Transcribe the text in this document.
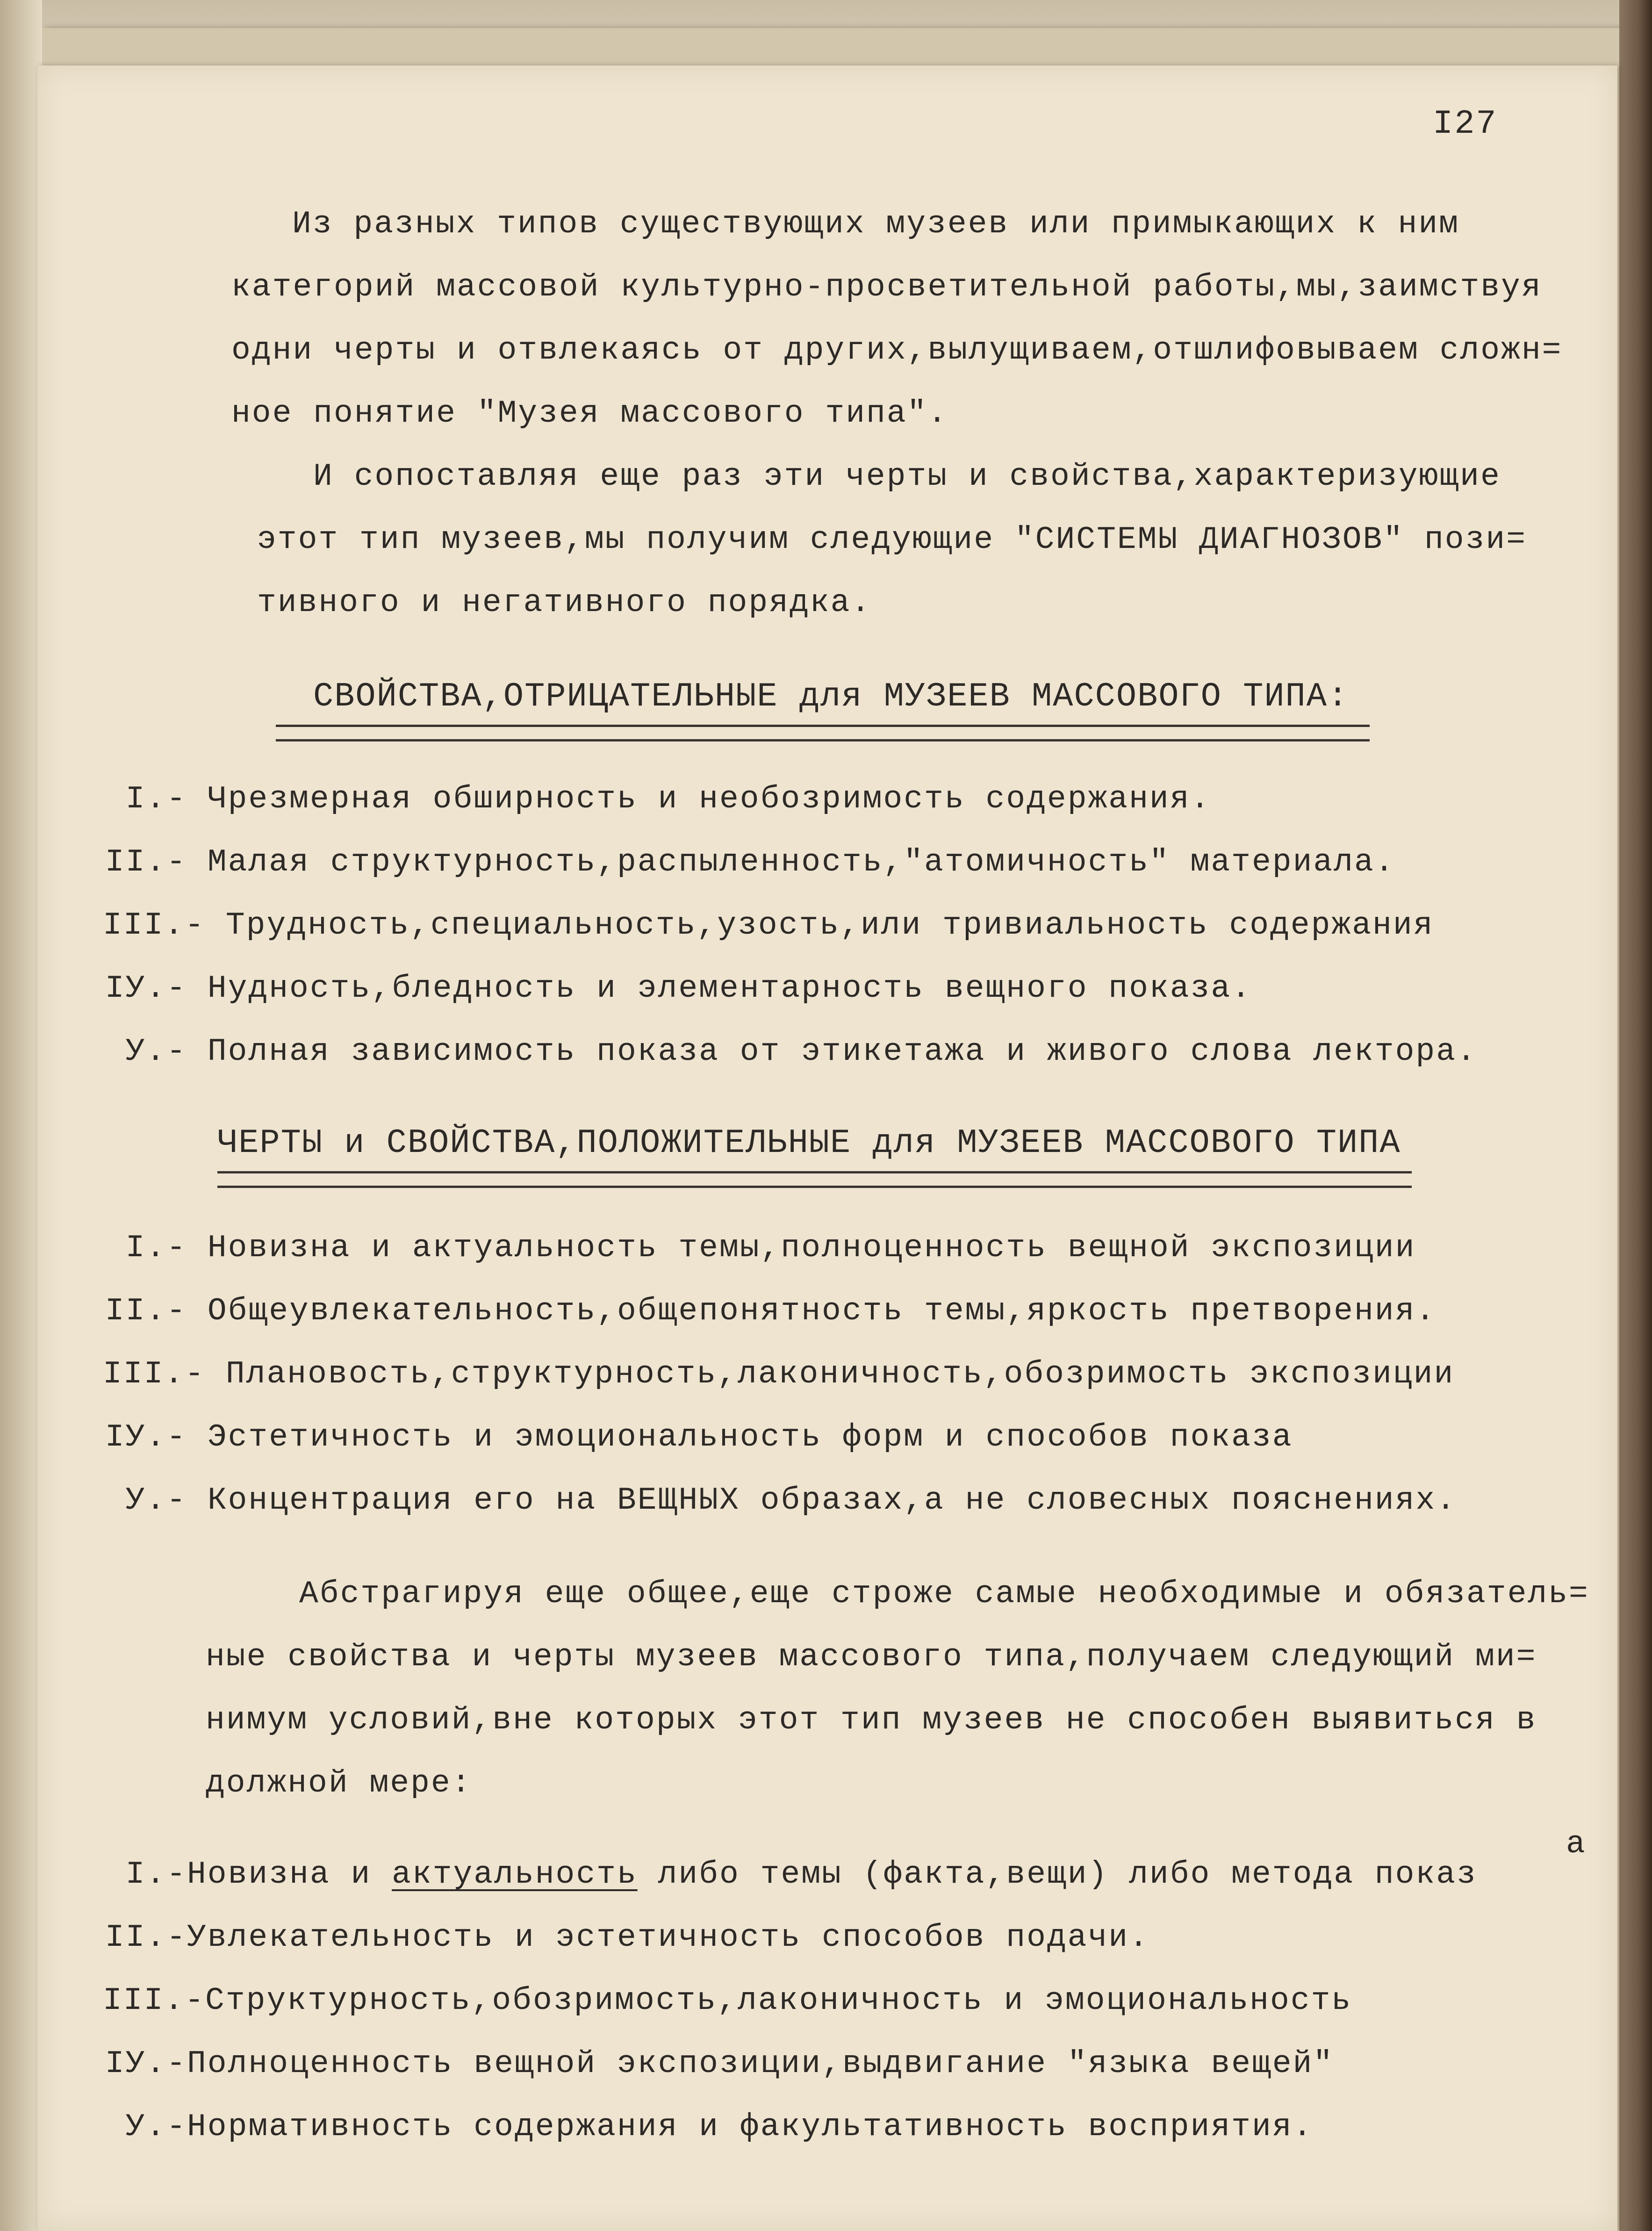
I27
Из разных типов существующих музеев или примыкающих к ним
категорий массовой культурно-просветительной работы,мы,заимствуя
одни черты и отвлекаясь от других,вылущиваем,отшлифовываем сложн=
ное понятие "Музея массового типа".
И сопоставляя еще раз эти черты и свойства,характеризующие
этот тип музеев,мы получим следующие "СИСТЕМЫ ДИАГНОЗОВ" пози=
тивного и негативного порядка.
СВОЙСТВА,ОТРИЦАТЕЛЬНЫЕ для МУЗЕЕВ МАССОВОГО ТИПА:
I.- Чрезмерная обширность и необозримость содержания.
II.- Малая структурность,распыленность,"атомичность" материала.
III.- Трудность,специальность,узость,или тривиальность содержания
IУ.- Нудность,бледность и элементарность вещного показа.
У.- Полная зависимость показа от этикетажа и живого слова лектора.
ЧЕРТЫ и СВОЙСТВА,ПОЛОЖИТЕЛЬНЫЕ для МУЗЕЕВ МАССОВОГО ТИПА
I.- Новизна и актуальность темы,полноценность вещной экспозиции
II.- Общеувлекательность,общепонятность темы,яркость претворения.
III.- Плановость,структурность,лаконичность,обозримость экспозиции
IУ.- Эстетичность и эмоциональность форм и способов показа
У.- Концентрация его на ВЕЩНЫХ образах,а не словесных пояснениях.
Абстрагируя еще общее,еще строже самые необходимые и обязатель=
ные свойства и черты музеев массового типа,получаем следующий ми=
нимум условий,вне которых этот тип музеев не способен выявиться в
должной мере:
а
I.-Новизна и актуальность либо темы (факта,вещи) либо метода показ
II.-Увлекательность и эстетичность способов подачи.
III.-Структурность,обозримость,лаконичность и эмоциональность
IУ.-Полноценность вещной экспозиции,выдвигание "языка вещей"
У.-Нормативность содержания и факультативность восприятия.
